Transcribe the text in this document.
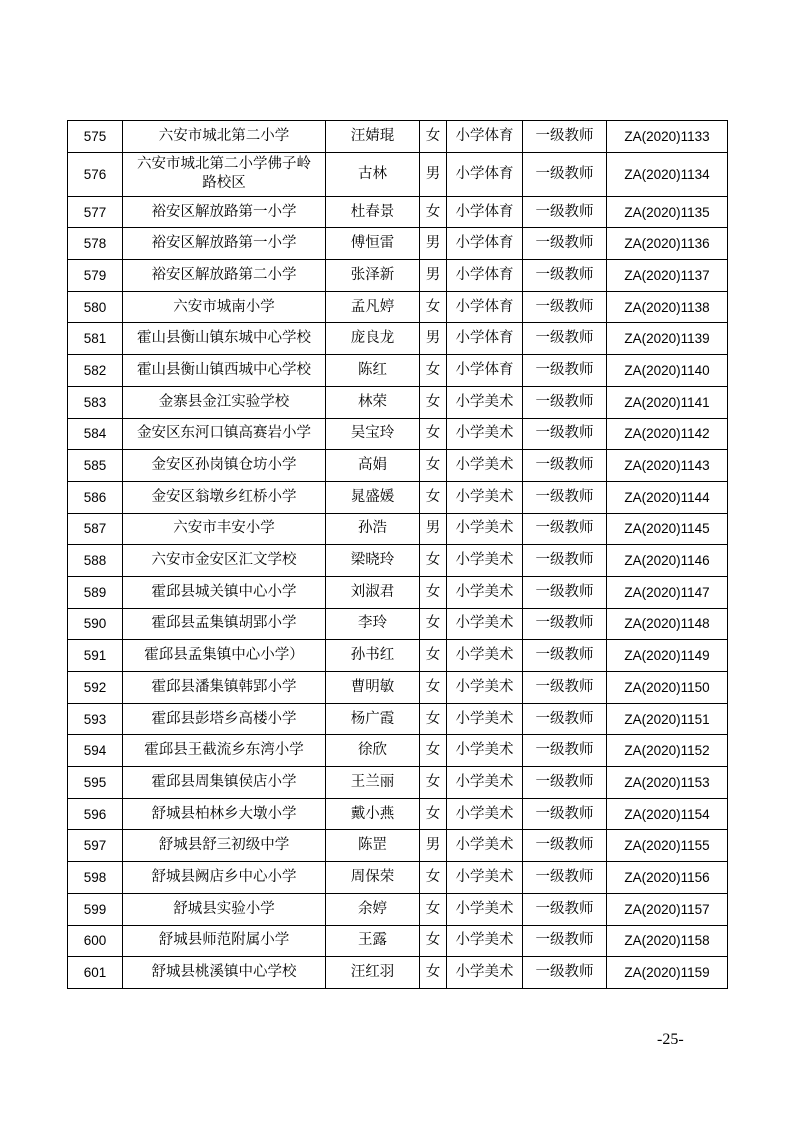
575	六安市城北第二小学	汪婧琨	女	小学体育	一级教师	ZA(2020)1133
576	六安市城北第二小学佛子岭
路校区	古林	男	小学体育	一级教师	ZA(2020)1134
577	裕安区解放路第一小学	杜春景	女	小学体育	一级教师	ZA(2020)1135
578	裕安区解放路第一小学	傅恒雷	男	小学体育	一级教师	ZA(2020)1136
579	裕安区解放路第二小学	张泽新	男	小学体育	一级教师	ZA(2020)1137
580	六安市城南小学	孟凡婷	女	小学体育	一级教师	ZA(2020)1138
581	霍山县衡山镇东城中心学校	庞良龙	男	小学体育	一级教师	ZA(2020)1139
582	霍山县衡山镇西城中心学校	陈红	女	小学体育	一级教师	ZA(2020)1140
583	金寨县金江实验学校	林荣	女	小学美术	一级教师	ZA(2020)1141
584	金安区东河口镇高赛岩小学	吴宝玲	女	小学美术	一级教师	ZA(2020)1142
585	金安区孙岗镇仓坊小学	高娟	女	小学美术	一级教师	ZA(2020)1143
586	金安区翁墩乡红桥小学	晁盛媛	女	小学美术	一级教师	ZA(2020)1144
587	六安市丰安小学	孙浩	男	小学美术	一级教师	ZA(2020)1145
588	六安市金安区汇文学校	梁晓玲	女	小学美术	一级教师	ZA(2020)1146
589	霍邱县城关镇中心小学	刘淑君	女	小学美术	一级教师	ZA(2020)1147
590	霍邱县孟集镇胡郢小学	李玲	女	小学美术	一级教师	ZA(2020)1148
591	霍邱县孟集镇中心小学）	孙书红	女	小学美术	一级教师	ZA(2020)1149
592	霍邱县潘集镇韩郢小学	曹明敏	女	小学美术	一级教师	ZA(2020)1150
593	霍邱县彭塔乡高楼小学	杨广霞	女	小学美术	一级教师	ZA(2020)1151
594	霍邱县王截流乡东湾小学	徐欣	女	小学美术	一级教师	ZA(2020)1152
595	霍邱县周集镇侯店小学	王兰丽	女	小学美术	一级教师	ZA(2020)1153
596	舒城县柏林乡大墩小学	戴小燕	女	小学美术	一级教师	ZA(2020)1154
597	舒城县舒三初级中学	陈罡	男	小学美术	一级教师	ZA(2020)1155
598	舒城县阙店乡中心小学	周保荣	女	小学美术	一级教师	ZA(2020)1156
599	舒城县实验小学	余婷	女	小学美术	一级教师	ZA(2020)1157
600	舒城县师范附属小学	王露	女	小学美术	一级教师	ZA(2020)1158
601	舒城县桃溪镇中心学校	汪红羽	女	小学美术	一级教师	ZA(2020)1159
-25-
